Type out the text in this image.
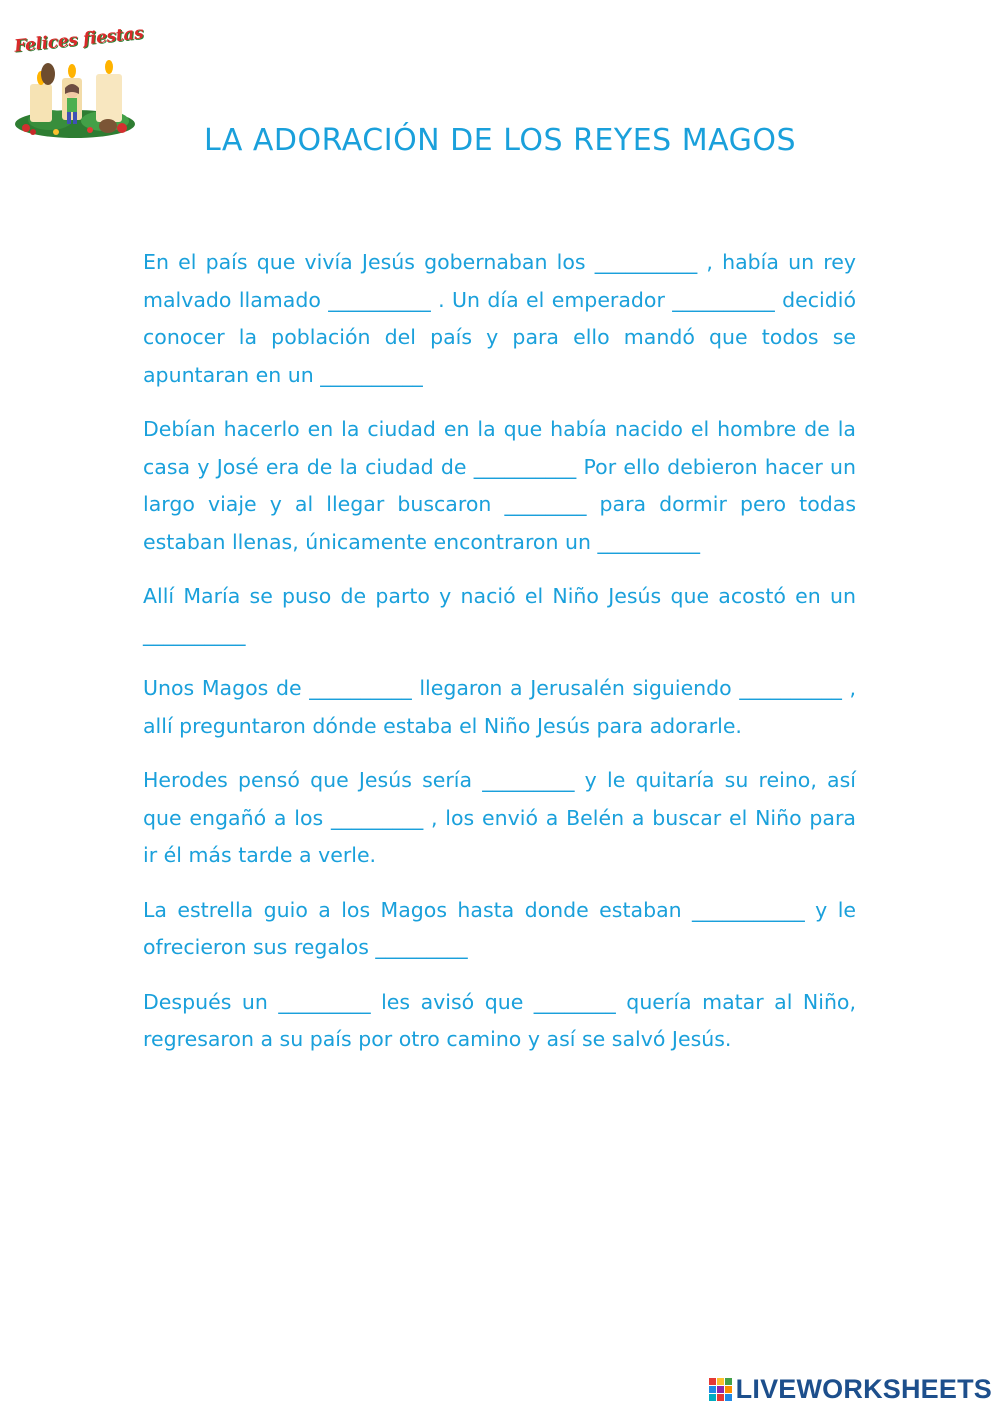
Felices fiestas
LA ADORACIÓN DE LOS REYES MAGOS

En el país que vivía Jesús gobernaban los __________ , había un rey malvado llamado __________ . Un día el emperador __________ decidió conocer la población del país y para ello mandó que todos se apuntaran en un __________

Debían hacerlo en la ciudad en la que había nacido el hombre de la casa y José era de la ciudad de __________ Por ello debieron hacer un largo viaje y al llegar buscaron ________ para dormir pero todas estaban llenas, únicamente encontraron un __________

Allí María se puso de parto y nació el Niño Jesús que acostó en un __________

Unos Magos de __________ llegaron a Jerusalén siguiendo __________ , allí preguntaron dónde estaba el Niño Jesús para adorarle.

Herodes pensó que Jesús sería _________ y le quitaría su reino, así que engañó a los _________ , los envió a Belén a buscar el Niño para ir él más tarde a verle.

La estrella guio a los Magos hasta donde estaban ___________ y le ofrecieron sus regalos _________

Después un _________ les avisó que ________ quería matar al Niño, regresaron a su país por otro camino y así se salvó Jesús.

LIVEWORKSHEETS
